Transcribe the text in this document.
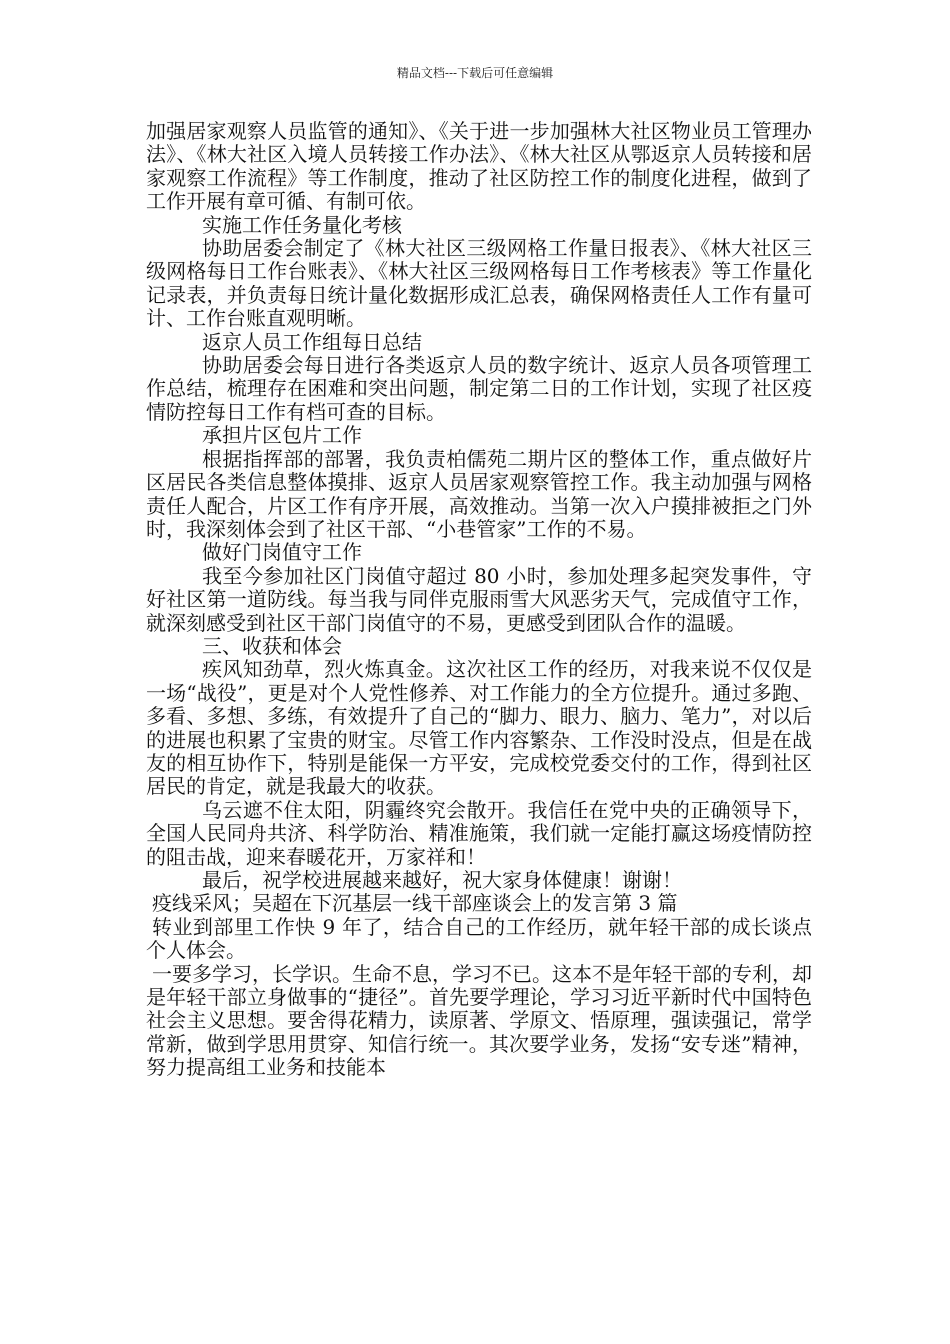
精品文档---下载后可任意编辑

加强居家观察人员监管的通知》、《关于进一步加强林大社区物业员工管理办法》、《林大社区入境人员转接工作办法》、《林大社区从鄂返京人员转接和居家观察工作流程》等工作制度，推动了社区防控工作的制度化进程，做到了工作开展有章可循、有制可依。

实施工作任务量化考核

协助居委会制定了《林大社区三级网格工作量日报表》、《林大社区三级网格每日工作台账表》、《林大社区三级网格每日工作考核表》等工作量化记录表，并负责每日统计量化数据形成汇总表，确保网格责任人工作有量可计、工作台账直观明晰。

返京人员工作组每日总结

协助居委会每日进行各类返京人员的数字统计、返京人员各项管理工作总结，梳理存在困难和突出问题，制定第二日的工作计划，实现了社区疫情防控每日工作有档可查的目标。

承担片区包片工作

根据指挥部的部署，我负责柏儒苑二期片区的整体工作，重点做好片区居民各类信息整体摸排、返京人员居家观察管控工作。我主动加强与网格责任人配合，片区工作有序开展，高效推动。当第一次入户摸排被拒之门外时，我深刻体会到了社区干部、“小巷管家”工作的不易。

做好门岗值守工作

我至今参加社区门岗值守超过 80 小时，参加处理多起突发事件，守好社区第一道防线。每当我与同伴克服雨雪大风恶劣天气，完成值守工作，就深刻感受到社区干部门岗值守的不易，更感受到团队合作的温暖。

三、收获和体会

疾风知劲草，烈火炼真金。这次社区工作的经历，对我来说不仅仅是一场“战役”，更是对个人党性修养、对工作能力的全方位提升。通过多跑、多看、多想、多练，有效提升了自己的“脚力、眼力、脑力、笔力”，对以后的进展也积累了宝贵的财宝。尽管工作内容繁杂、工作没时没点，但是在战友的相互协作下，特别是能保一方平安，完成校党委交付的工作，得到社区居民的肯定，就是我最大的收获。

乌云遮不住太阳，阴霾终究会散开。我信任在党中央的正确领导下，全国人民同舟共济、科学防治、精准施策，我们就一定能打赢这场疫情防控的阻击战，迎来春暖花开，万家祥和！

最后，祝学校进展越来越好，祝大家身体健康！谢谢！

疫线采风；吴超在下沉基层一线干部座谈会上的发言第 3 篇

转业到部里工作快 9 年了，结合自己的工作经历，就年轻干部的成长谈点个人体会。

一要多学习，长学识。生命不息，学习不已。这本不是年轻干部的专利，却是年轻干部立身做事的“捷径”。首先要学理论，学习习近平新时代中国特色社会主义思想。要舍得花精力，读原著、学原文、悟原理，强读强记，常学常新，做到学思用贯穿、知信行统一。其次要学业务，发扬“安专迷”精神，努力提高组工业务和技能本
